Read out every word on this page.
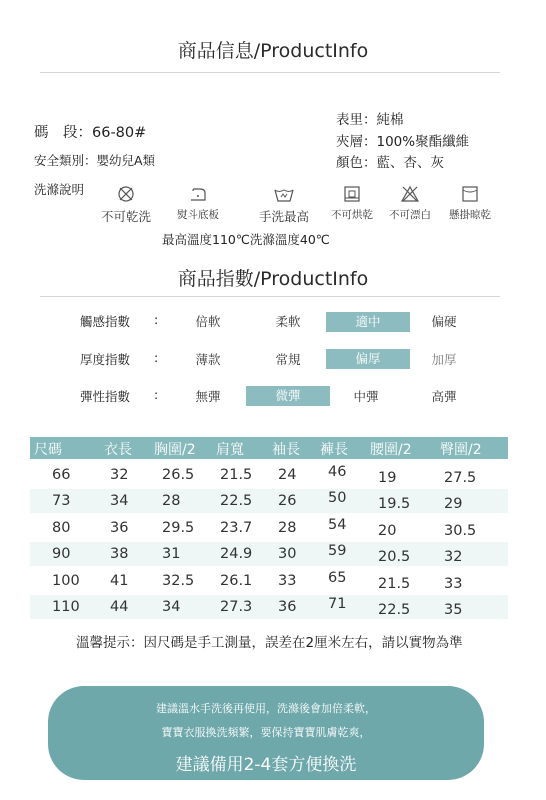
商品信息/ProductInfo
碼　段：66-80#
安全類別：嬰幼兒A類
表里：純棉
夾層：100%聚酯纖維
顏色：藍、杏、灰
洗滌說明
不可乾洗	熨斗底板	手洗最高	不可烘乾	不可漂白	懸掛晾乾
最高溫度110℃洗滌溫度40℃
商品指數/ProductInfo
觸感指數 :	倍軟	柔軟	適中	偏硬
厚度指數 :	薄款	常規	偏厚	加厚
彈性指數 :	無彈	微彈	中彈	高彈
尺碼	衣長 胸圍/2 肩寬 袖長 褲長 腰圍/2 臀圍/2
66	32 26.5 21.5 24 46 19	27.5
73	34 28	22.5 26 50 19.5 29
80	36 29.5 23.7 28 54 20	30.5
90	38 31	24.9 30 59 20.5 32
100 41 32.5 26.1 33 65 21.5 33
110 44 34	27.3 36 71 22.5 35
溫馨提示：因尺碼是手工測量，誤差在2厘米左右，請以實物為準
建議溫水手洗後再使用，洗滌後會加倍柔軟，
寶寶衣服換洗頻繁，要保持寶寶肌膚乾爽，
建議備用2-4套方便換洗
